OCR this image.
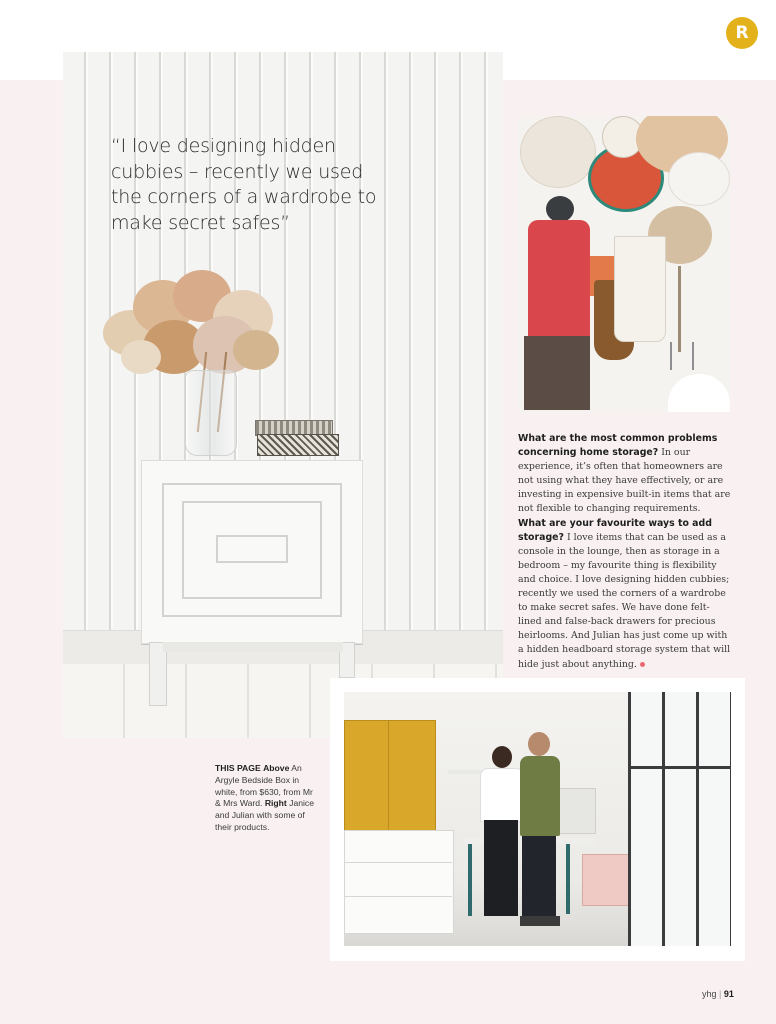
R
“I love designing hidden cubbies – recently we used the corners of a wardrobe to make secret safes”

What are the most common problems concerning home storage? In our experience, it’s often that homeowners are not using what they have effectively, or are investing in expensive built-in items that are not flexible to changing requirements.

What are your favourite ways to add storage? I love items that can be used as a console in the lounge, then as storage in a bedroom – my favourite thing is flexibility and choice. I love designing hidden cubbies; recently we used the corners of a wardrobe to make secret safes. We have done felt-lined and false-back drawers for precious heirlooms. And Julian has just come up with a hidden headboard storage system that will hide just about anything.

THIS PAGE Above An Argyle Bedside Box in white, from $630, from Mr & Mrs Ward. Right Janice and Julian with some of their products.
yhg | 91
